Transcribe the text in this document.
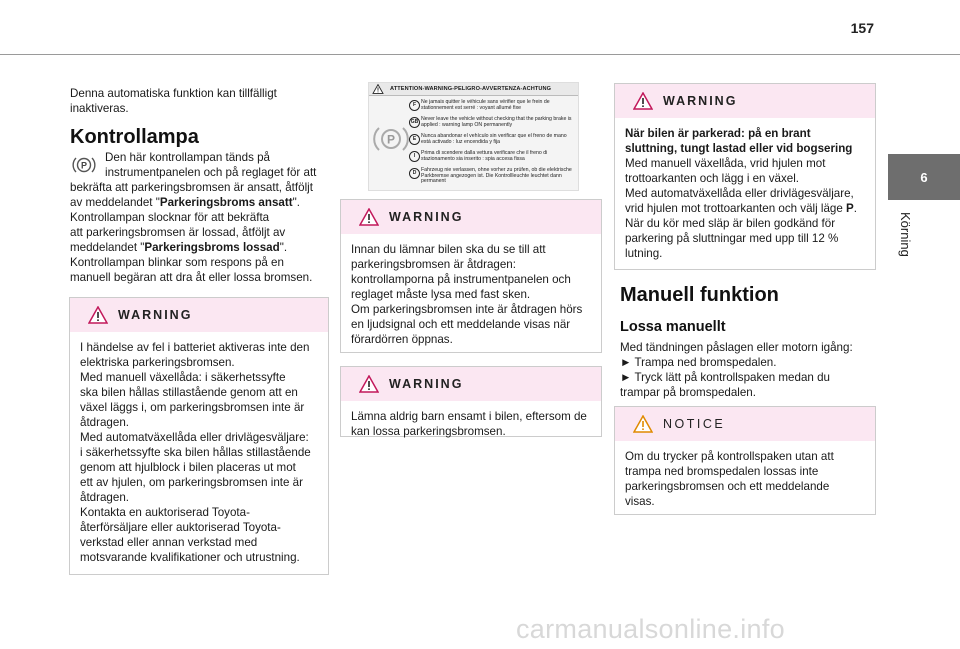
157
6
Körning
Denna automatiska funktion kan tillfälligt
inaktiveras.
Kontrollampa
P
Den här kontrollampan tänds på
instrumentpanelen och på reglaget för att
bekräfta att parkeringsbromsen är ansatt, åtföljt
av meddelandet "Parkeringsbroms ansatt".
Kontrollampan slocknar för att bekräfta
att parkeringsbromsen är lossad, åtföljt av
meddelandet "Parkeringsbroms lossad".
Kontrollampan blinkar som respons på en
manuell begäran att dra åt eller lossa bromsen.
WARNING
I händelse av fel i batteriet aktiveras inte den
elektriska parkeringsbromsen.
Med manuell växellåda: i säkerhetssyfte
ska bilen hållas stillastående genom att en
växel läggs i, om parkeringsbromsen inte är
åtdragen.
Med automatväxellåda eller drivlägesväljare:
i säkerhetssyfte ska bilen hållas stillastående
genom att hjulblock i bilen placeras ut mot
ett av hjulen, om parkeringsbromsen inte är
åtdragen.
Kontakta en auktoriserad Toyota-
återförsäljare eller auktoriserad Toyota-
verkstad eller annan verkstad med
motsvarande kvalifikationer och utrustning.
ATTENTION-WARNING-PELIGRO-AVVERTENZA-ACHTUNG
P
F Ne jamais quitter le véhicule sans vérifier que le frein de stationnement est serré : voyant allumé fixe
GB Never leave the vehicle without checking that the parking brake is applied : warning lamp ON permanently
E Nunca abandonar el vehículo sin verificar que el freno de mano está activado : luz encendida y fija
I	Prima di scendere dalla vettura verificare che il freno di stazionamento sia inserito : spia accesa fissa
D Fahrzeug nie verlassen, ohne vorher zu prüfen, ob die elektrische Parkbremse angezogen ist. Die Kontrollleuchte leuchtet dann permanent
WARNING
Innan du lämnar bilen ska du se till att
parkeringsbromsen är åtdragen:
kontrollamporna på instrumentpanelen och
reglaget måste lysa med fast sken.
Om parkeringsbromsen inte är åtdragen hörs
en ljudsignal och ett meddelande visas när
förardörren öppnas.
WARNING
Lämna aldrig barn ensamt i bilen, eftersom de
kan lossa parkeringsbromsen.
WARNING
När bilen är parkerad: på en brant
sluttning, tungt lastad eller vid bogsering
Med manuell växellåda, vrid hjulen mot
trottoarkanten och lägg i en växel.
Med automatväxellåda eller drivlägesväljare,
vrid hjulen mot trottoarkanten och välj läge P.
När du kör med släp är bilen godkänd för
parkering på sluttningar med upp till 12 %
lutning.
Manuell funktion
Lossa manuellt
Med tändningen påslagen eller motorn igång:
► Trampa ned bromspedalen.
► Tryck lätt på kontrollspaken medan du
trampar på bromspedalen.
NOTICE
Om du trycker på kontrollspaken utan att
trampa ned bromspedalen lossas inte
parkeringsbromsen och ett meddelande
visas.
carmanualsonline.info
